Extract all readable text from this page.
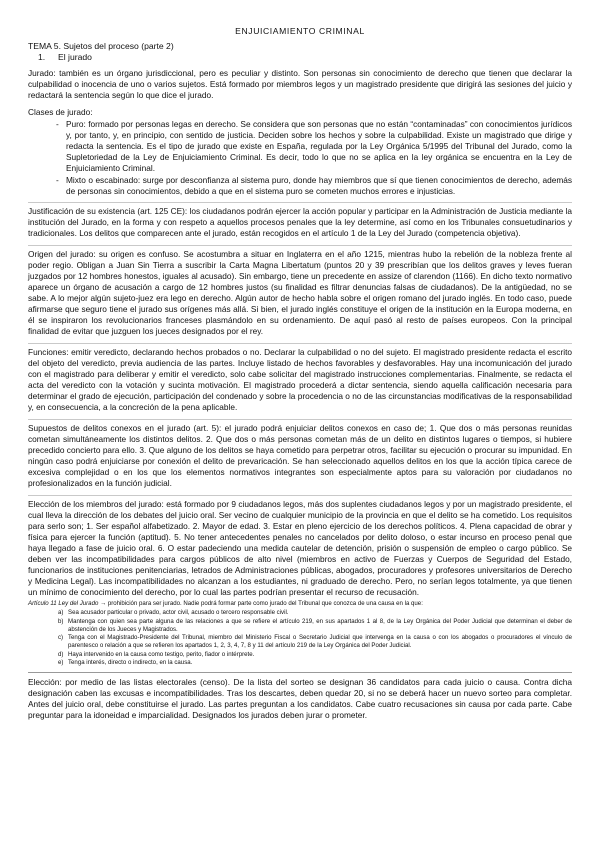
ENJUICIAMIENTO CRIMINAL

TEMA 5. Sujetos del proceso (parte 2)

1. El jurado

Jurado: también es un órgano jurisdiccional, pero es peculiar y distinto. Son personas sin conocimiento de derecho que tienen que declarar la culpabilidad o inocencia de uno o varios sujetos. Está formado por miembros legos y un magistrado presidente que dirigirá las sesiones del juicio y redactará la sentencia según lo que dice el jurado.

Clases de jurado:

- Puro: formado por personas legas en derecho. Se considera que son personas que no están “contaminadas” con conocimientos jurídicos y, por tanto, y, en principio, con sentido de justicia. Deciden sobre los hechos y sobre la culpabilidad. Existe un magistrado que dirige y redacta la sentencia. Es el tipo de jurado que existe en España, regulada por la Ley Orgánica 5/1995 del Tribunal del Jurado, como la Supletoriedad de la Ley de Enjuiciamiento Criminal. Es decir, todo lo que no se aplica en la ley orgánica se encuentra en la Ley de Enjuiciamiento Criminal.
- Mixto o escabinado: surge por desconfianza al sistema puro, donde hay miembros que sí que tienen conocimientos de derecho, además de personas sin conocimientos, debido a que en el sistema puro se cometen muchos errores e injusticias.

Justificación de su existencia (art. 125 CE): los ciudadanos podrán ejercer la acción popular y participar en la Administración de Justicia mediante la institución del Jurado, en la forma y con respeto a aquellos procesos penales que la ley determine, así como en los Tribunales consuetudinarios y tradicionales. Los delitos que comparecen ante el jurado, están recogidos en el artículo 1 de la Ley del Jurado (competencia objetiva).

Origen del jurado: su origen es confuso. Se acostumbra a situar en Inglaterra en el año 1215, mientras hubo la rebelión de la nobleza frente al poder regio. Obligan a Juan Sin Tierra a suscribir la Carta Magna Libertatum (puntos 20 y 39 prescribían que los delitos graves y leves fueran juzgados por 12 hombres honestos, iguales al acusado). Sin embargo, tiene un precedente en assize of clarendon (1166). En dicho texto normativo aparece un órgano de acusación a cargo de 12 hombres justos (su finalidad es filtrar denuncias falsas de ciudadanos). De la antigüedad, no se sabe. A lo mejor algún sujeto-juez era lego en derecho. Algún autor de hecho habla sobre el origen romano del jurado inglés. En todo caso, puede afirmarse que seguro tiene el jurado sus orígenes más allá. Si bien, el jurado inglés constituye el origen de la institución en la Europa moderna, en él se inspiraron los revolucionarios franceses plasmándolo en su ordenamiento. De aquí pasó al resto de países europeos. Con la principal finalidad de evitar que juzguen los jueces designados por el rey.

Funciones: emitir veredicto, declarando hechos probados o no. Declarar la culpabilidad o no del sujeto. El magistrado presidente redacta el escrito del objeto del veredicto, previa audiencia de las partes. Incluye listado de hechos favorables y desfavorables. Hay una incomunicación del jurado con el magistrado para deliberar y emitir el veredicto, solo cabe solicitar del magistrado instrucciones complementarias. Finalmente, se redacta el acta del veredicto con la votación y sucinta motivación. El magistrado procederá a dictar sentencia, siendo aquella calificación necesaria para determinar el grado de ejecución, participación del condenado y sobre la procedencia o no de las circunstancias modificativas de la responsabilidad y, en consecuencia, a la concreción de la pena aplicable.

Supuestos de delitos conexos en el jurado (art. 5): el jurado podrá enjuiciar delitos conexos en caso de; 1. Que dos o más personas reunidas cometan simultáneamente los distintos delitos. 2. Que dos o más personas cometan más de un delito en distintos lugares o tiempos, si hubiere precedido concierto para ello. 3. Que alguno de los delitos se haya cometido para perpetrar otros, facilitar su ejecución o procurar su impunidad. En ningún caso podrá enjuiciarse por conexión el delito de prevaricación. Se han seleccionado aquellos delitos en los que la acción típica carece de excesiva complejidad o en los que los elementos normativos integrantes son especialmente aptos para su valoración por ciudadanos no profesionalizados en la función judicial.

Elección de los miembros del jurado: está formado por 9 ciudadanos legos, más dos suplentes ciudadanos legos y por un magistrado presidente, el cual lleva la dirección de los debates del juicio oral. Ser vecino de cualquier municipio de la provincia en que el delito se ha cometido. Los requisitos para serlo son; 1. Ser español alfabetizado. 2. Mayor de edad. 3. Estar en pleno ejercicio de los derechos políticos. 4. Plena capacidad de obrar y física para ejercer la función (aptitud). 5. No tener antecedentes penales no cancelados por delito doloso, o estar incurso en proceso penal que haya llegado a fase de juicio oral. 6. O estar padeciendo una medida cautelar de detención, prisión o suspensión de empleo o cargo público. Se deben ver las incompatibilidades para cargos públicos de alto nivel (miembros en activo de Fuerzas y Cuerpos de Seguridad del Estado, funcionarios de instituciones penitenciarias, letrados de Administraciones públicas, abogados, procuradores y profesores universitarios de Derecho y Medicina Legal). Las incompatibilidades no alcanzan a los estudiantes, ni graduado de derecho. Pero, no serían legos totalmente, ya que tienen un mínimo de conocimiento del derecho, por lo cual las partes podrían presentar el recurso de recusación.

Artículo 11 Ley del Jurado → prohibición para ser jurado. Nadie podrá formar parte como jurado del Tribunal que conozca de una causa en la que:

a) Sea acusador particular o privado, actor civil, acusado o tercero responsable civil.
b) Mantenga con quien sea parte alguna de las relaciones a que se refiere el artículo 219, en sus apartados 1 al 8, de la Ley Orgánica del Poder Judicial que determinan el deber de abstención de los Jueces y Magistrados.
c) Tenga con el Magistrado-Presidente del Tribunal, miembro del Ministerio Fiscal o Secretario Judicial que intervenga en la causa o con los abogados o procuradores el vínculo de parentesco o relación a que se refieren los apartados 1, 2, 3, 4, 7, 8 y 11 del artículo 219 de la Ley Orgánica del Poder Judicial.
d) Haya intervenido en la causa como testigo, perito, fiador o intérprete.
e) Tenga interés, directo o indirecto, en la causa.

Elección: por medio de las listas electorales (censo). De la lista del sorteo se designan 36 candidatos para cada juicio o causa. Contra dicha designación caben las excusas e incompatibilidades. Tras los descartes, deben quedar 20, si no se deberá hacer un nuevo sorteo para completar. Antes del juicio oral, debe constituirse el jurado. Las partes preguntan a los candidatos. Cabe cuatro recusaciones sin causa por cada parte. Cabe preguntar para la idoneidad e imparcialidad. Designados los jurados deben jurar o prometer.
